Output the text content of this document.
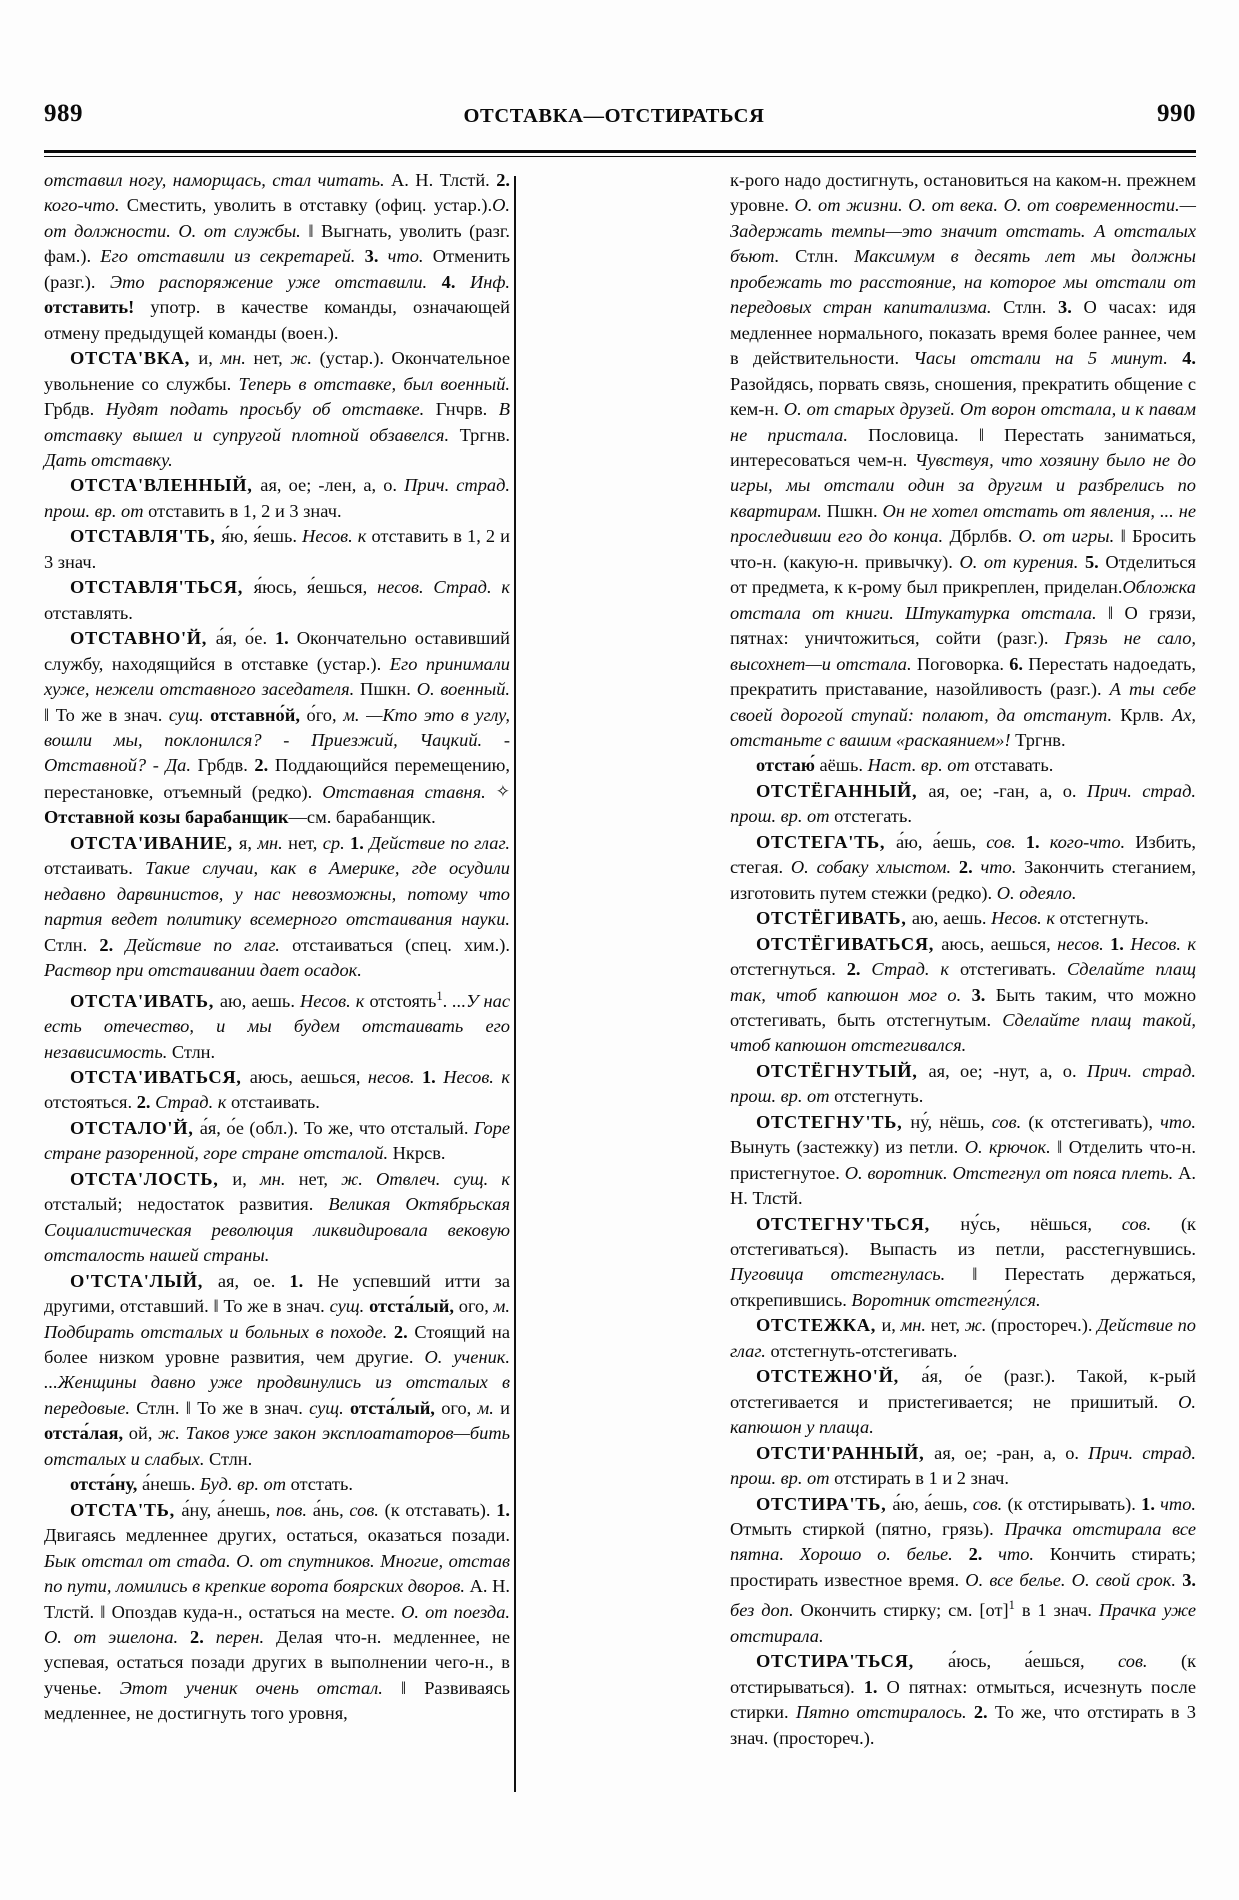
989	ОТСТАВКА—ОТСТИРАТЬСЯ	990

отставил ногу, наморщась, стал читать. А. Н. Тлстй. 2. кого-что. Сместить, уволить в отставку (офиц. устар.).О. от должности. О. от службы. ‖ Выгнать, уволить (разг. фам.). Его отставили из секретарей. 3. что. Отменить (разг.). Это распоряжение уже отставили. 4. Инф. отставить! употр. в качестве команды, означающей отмену предыдущей команды (воен.).

ОТСТА'ВКА, и, мн. нет, ж. (устар.). Окончательное увольнение со службы. Теперь в отставке, был военный. Грбдв. Нудят подать просьбу об отставке. Гнчрв. В отставку вышел и супругой плотной обзавелся. Тргнв. Дать отставку.

ОТСТА'ВЛЕННЫЙ, ая, ое; -лен, а, о. Прич. страд. прош. вр. от отставить в 1, 2 и 3 знач.

ОТСТАВЛЯ'ТЬ, я́ю, я́ешь. Несов. к отставить в 1, 2 и 3 знач.

ОТСТАВЛЯ'ТЬСЯ, я́юсь, я́ешься, несов. Страд. к отставлять.

ОТСТАВНО'Й, а́я, о́е. 1. Окончательно оставивший службу, находящийся в отставке (устар.). Его принимали хуже, нежели отставного заседателя. Пшкн. О. военный. ‖ То же в знач. сущ. отставно́й, о́го, м. —Кто это в углу, вошли мы, поклонился? - Приезжий, Чацкий. - Отставной? - Да. Грбдв. 2. Поддающийся перемещению, перестановке, отъемный (редко). Отставная ставня. ✧ Отставной козы барабанщик—см. барабанщик.

ОТСТА'ИВАНИЕ, я, мн. нет, ср. 1. Действие по глаг. отстаивать. Такие случаи, как в Америке, где осудили недавно дарвинистов, у нас невозможны, потому что партия ведет политику всемерного отстаивания науки. Стлн. 2. Действие по глаг. отстаиваться (спец. хим.). Раствор при отстаивании дает осадок.

ОТСТА'ИВАТЬ, аю, аешь. Несов. к отстоять$^1$. ...У нас есть отечество, и мы будем отстаивать его независимость. Стлн.

ОТСТА'ИВАТЬСЯ, аюсь, аешься, несов. 1. Несов. к отстояться. 2. Страд. к отстаивать.

ОТСТАЛО'Й, а́я, о́е (обл.). То же, что отсталый. Горе стране разоренной, горе стране отсталой. Нкрсв.

ОТСТА'ЛОСТЬ, и, мн. нет, ж. Отвлеч. сущ. к отсталый; недостаток развития. Великая Октябрьская Социалистическая революция ликвидировала вековую отсталость нашей страны.

О'ТСТА'ЛЫЙ, ая, ое. 1. Не успевший итти за другими, отставший. ‖ То же в знач. сущ. отста́лый, ого, м. Подбирать отсталых и больных в походе. 2. Стоящий на более низком уровне развития, чем другие. О. ученик. ...Женщины давно уже продвинулись из отсталых в передовые. Стлн. ‖ То же в знач. сущ. отста́лый, ого, м. и отста́лая, ой, ж. Таков уже закон эксплоататоров—бить отсталых и слабых. Стлн.

отста́ну, а́нешь. Буд. вр. от отстать.

ОТСТА'ТЬ, а́ну, а́нешь, пов. а́нь, сов. (к отставать). 1. Двигаясь медленнее других, остаться, оказаться позади. Бык отстал от стада. О. от спутников. Многие, отстав по пути, ломились в крепкие ворота боярских дворов. А. Н. Тлстй. ‖ Опоздав куда-н., остаться на месте. О. от поезда. О. от эшелона. 2. перен. Делая что-н. медленнее, не успевая, остаться позади других в выполнении чего-н., в ученье. Этот ученик очень отстал. ‖ Развиваясь медленнее, не достигнуть того уровня,

к-рого надо достигнуть, остановиться на каком-н. прежнем уровне. О. от жизни. О. от века. О. от современности.—Задержать темпы—это значит отстать. А отсталых бъют. Стлн. Максимум в десять лет мы должны пробежать то расстояние, на которое мы отстали от передовых стран капитализма. Стлн. 3. О часах: идя медленнее нормального, показать время более раннее, чем в действительности. Часы отстали на 5 минут. 4. Разойдясь, порвать связь, сношения, прекратить общение с кем-н. О. от старых друзей. От ворон отстала, и к павам не пристала. Пословица. ‖ Перестать заниматься, интересоваться чем-н. Чувствуя, что хозяину было не до игры, мы отстали один за другим и разбрелись по квартирам. Пшкн. Он не хотел отстать от явления, ... не проследивши его до конца. Дбрлбв. О. от игры. ‖ Бросить что-н. (какую-н. привычку). О. от курения. 5. Отделиться от предмета, к к-рому был прикреплен, приделан.Обложка отстала от книги. Штукатурка отстала. ‖ О грязи, пятнах: уничтожиться, сойти (разг.). Грязь не сало, высохнет—и отстала. Поговорка. 6. Перестать надоедать, прекратить приставание, назойливость (разг.). А ты себе своей дорогой ступай: полают, да отстанут. Крлв. Ах, отстаньте с вашим «раскаянием»! Тргнв.

отстаю́ аёшь. Наст. вр. от отставать.

ОТСТЁГАННЫЙ, ая, ое; -ган, а, о. Прич. страд. прош. вр. от отстегать.

ОТСТЕГА'ТЬ, а́ю, а́ешь, сов. 1. кого-что. Избить, стегая. О. собаку хлыстом. 2. что. Закончить стеганием, изготовить путем стежки (редко). О. одеяло.

ОТСТЁГИВАТЬ, аю, аешь. Несов. к отстегнуть.

ОТСТЁГИВАТЬСЯ, аюсь, аешься, несов. 1. Несов. к отстегнуться. 2. Страд. к отстегивать. Сделайте плащ так, чтоб капюшон мог о. 3. Быть таким, что можно отстегивать, быть отстегнутым. Сделайте плащ такой, чтоб капюшон отстегивался.

ОТСТЁГНУТЫЙ, ая, ое; -нут, а, о. Прич. страд. прош. вр. от отстегнуть.

ОТСТЕГНУ'ТЬ, ну́, нёшь, сов. (к отстегивать), что. Вынуть (застежку) из петли. О. крючок. ‖ Отделить что-н. пристегнутое. О. воротник. Отстегнул от пояса плеть. А. Н. Тлстй.

ОТСТЕГНУ'ТЬСЯ, ну́сь, нёшься, сов. (к отстегиваться). Выпасть из петли, расстегнувшись. Пуговица отстегнулась. ‖ Перестать держаться, открепившись. Воротник отстегну́лся.

ОТСТЕЖКА, и, мн. нет, ж. (простореч.). Действие по глаг. отстегнуть-отстегивать.

ОТСТЕЖНО'Й, а́я, о́е (разг.). Такой, к-рый отстегивается и пристегивается; не пришитый. О. капюшон у плаща.

ОТСТИ'РАННЫЙ, ая, ое; -ран, а, о. Прич. страд. прош. вр. от отстирать в 1 и 2 знач.

ОТСТИРА'ТЬ, а́ю, а́ешь, сов. (к отстирывать). 1. что. Отмыть стиркой (пятно, грязь). Прачка отстирала все пятна. Хорошо о. белье. 2. что. Кончить стирать; простирать известное время. О. все белье. О. свой срок. 3. без доп. Окончить стирку; см. [от]$^1$ в 1 знач. Прачка уже отстирала.

ОТСТИРА'ТЬСЯ, а́юсь, а́ешься, сов. (к отстирываться). 1. О пятнах: отмыться, исчезнуть после стирки. Пятно отстиралось. 2. То же, что отстирать в 3 знач. (простореч.).
